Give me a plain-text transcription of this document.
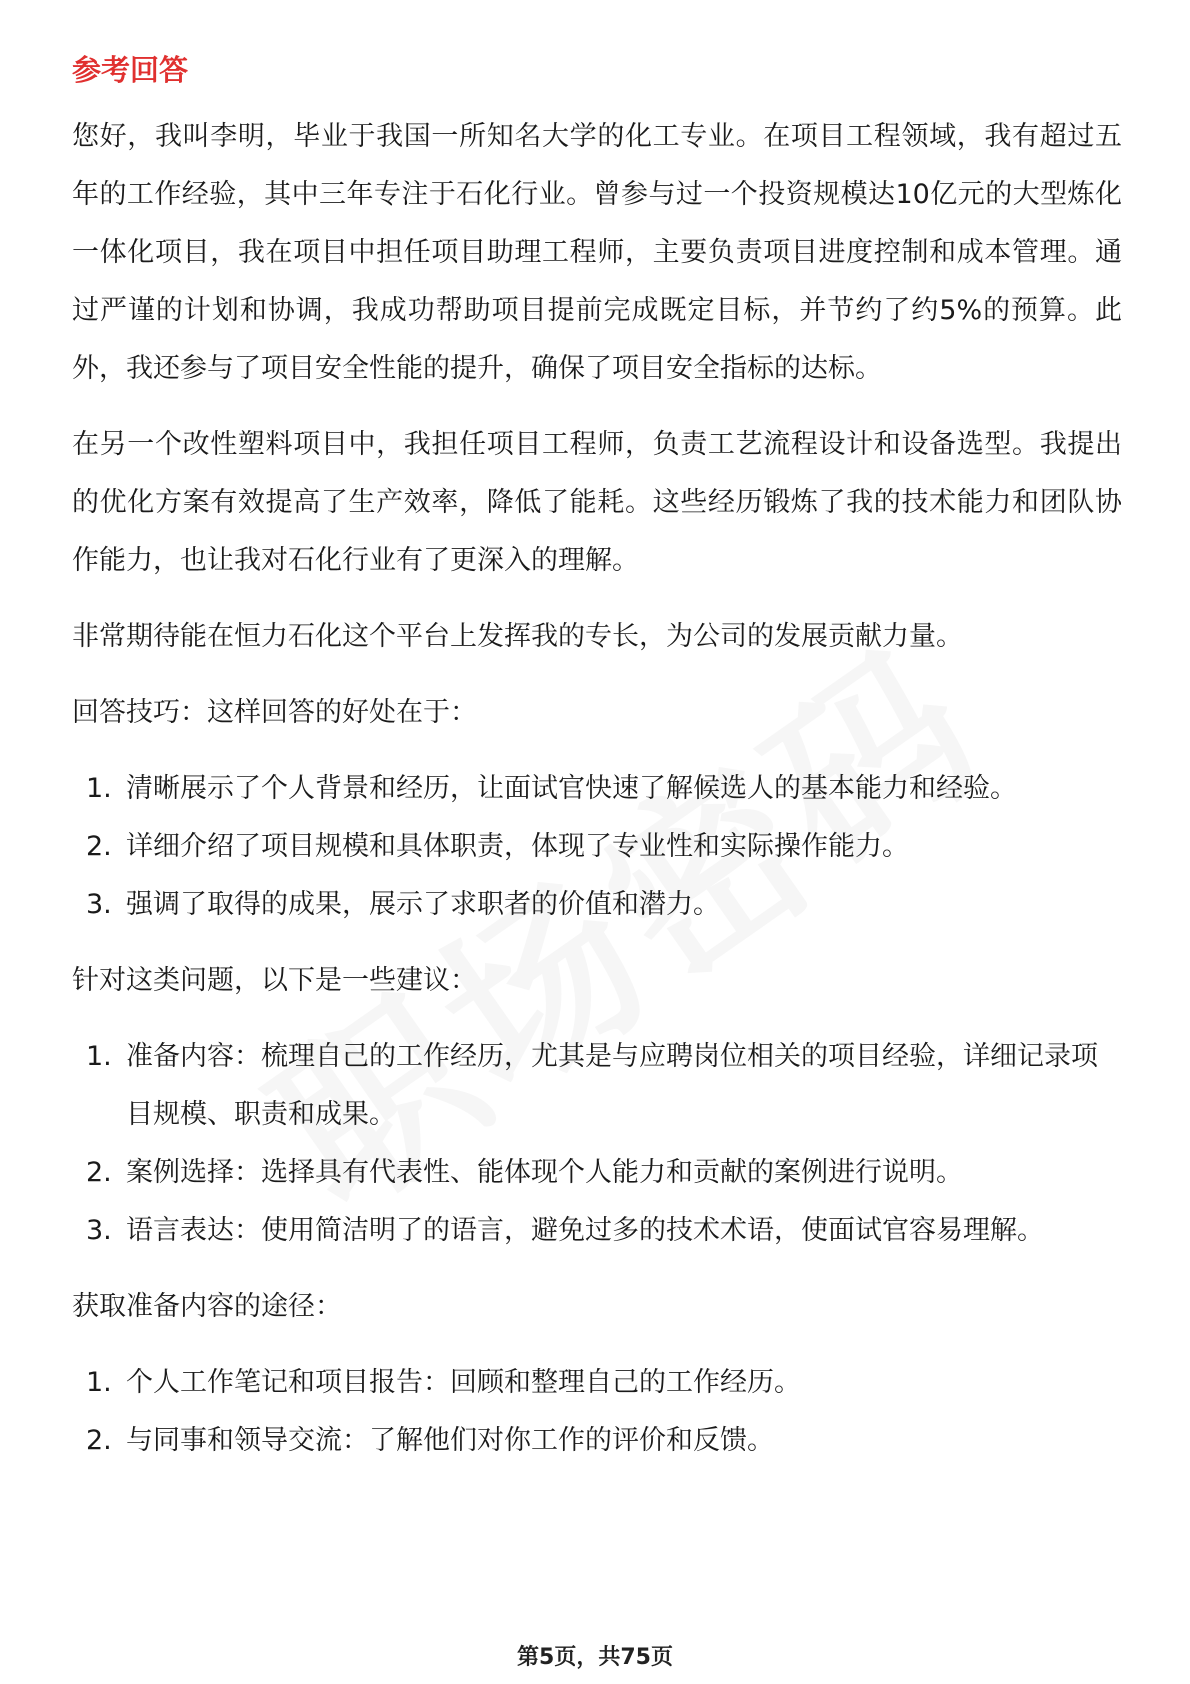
参考回答

您好，我叫李明，毕业于我国一所知名大学的化工专业。在项目工程领域，我有超过五年的工作经验，其中三年专注于石化行业。曾参与过一个投资规模达10亿元的大型炼化一体化项目，我在项目中担任项目助理工程师，主要负责项目进度控制和成本管理。通过严谨的计划和协调，我成功帮助项目提前完成既定目标，并节约了约5%的预算。此外，我还参与了项目安全性能的提升，确保了项目安全指标的达标。

在另一个改性塑料项目中，我担任项目工程师，负责工艺流程设计和设备选型。我提出的优化方案有效提高了生产效率，降低了能耗。这些经历锻炼了我的技术能力和团队协作能力，也让我对石化行业有了更深入的理解。

非常期待能在恒力石化这个平台上发挥我的专长，为公司的发展贡献力量。

回答技巧：这样回答的好处在于：
1. 清晰展示了个人背景和经历，让面试官快速了解候选人的基本能力和经验。
2. 详细介绍了项目规模和具体职责，体现了专业性和实际操作能力。
3. 强调了取得的成果，展示了求职者的价值和潜力。
针对这类问题，以下是一些建议：
1. 准备内容：梳理自己的工作经历，尤其是与应聘岗位相关的项目经验，详细记录项目规模、职责和成果。
2. 案例选择：选择具有代表性、能体现个人能力和贡献的案例进行说明。
3. 语言表达：使用简洁明了的语言，避免过多的技术术语，使面试官容易理解。
获取准备内容的途径：
1. 个人工作笔记和项目报告：回顾和整理自己的工作经历。
2. 与同事和领导交流：了解他们对你工作的评价和反馈。
第5页，共75页
